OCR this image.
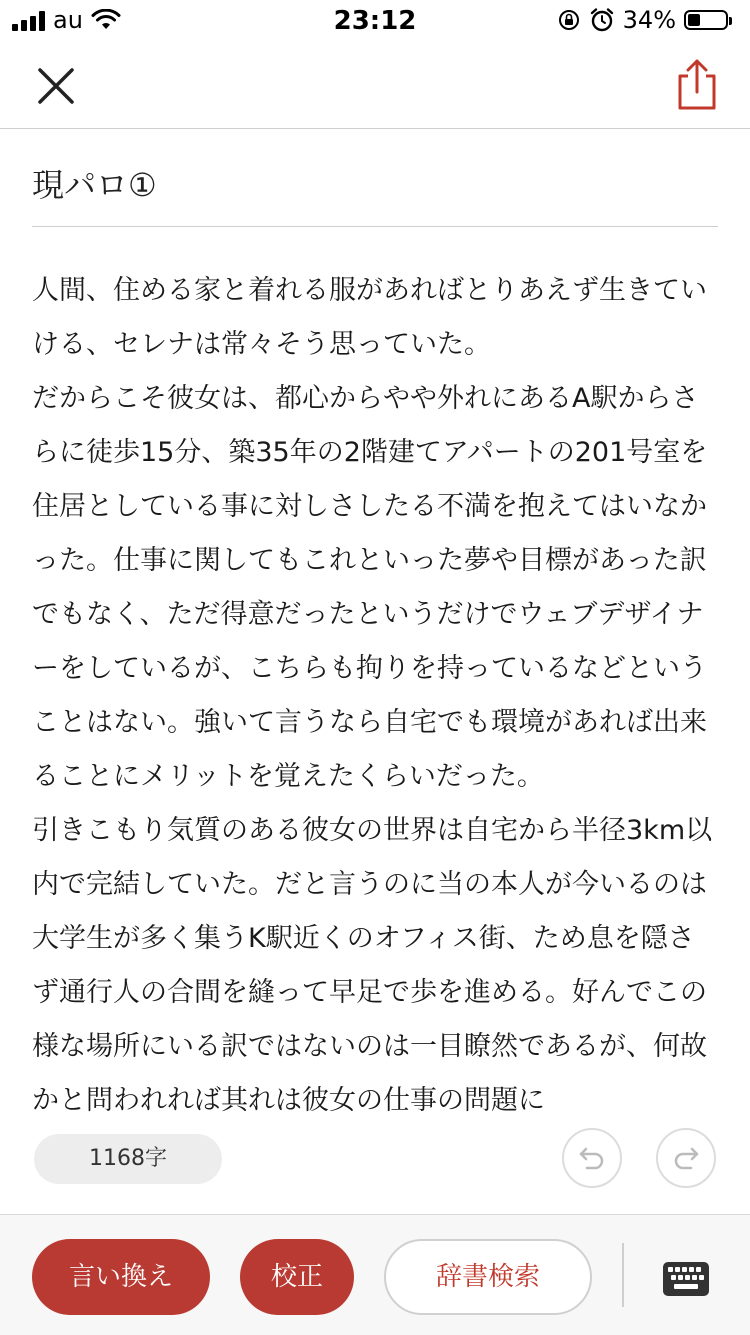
au	23:12	34%
現パロ①

人間、住める家と着れる服があればとりあえず生きていける、セレナは常々そう思っていた。

だからこそ彼女は、都心からやや外れにあるA駅からさらに徒歩15分、築35年の2階建てアパートの201号室を住居としている事に対しさしたる不満を抱えてはいなかった。仕事に関してもこれといった夢や目標があった訳でもなく、ただ得意だったというだけでウェブデザイナーをしているが、こちらも拘りを持っているなどということはない。強いて言うなら自宅でも環境があれば出来ることにメリットを覚えたくらいだった。

引きこもり気質のある彼女の世界は自宅から半径3km以内で完結していた。だと言うのに当の本人が今いるのは大学生が多く集うK駅近くのオフィス街、ため息を隠さず通行人の合間を縫って早足で歩を進める。好んでこの様な場所にいる訳ではないのは一目瞭然であるが、何故かと問われれば其れは彼女の仕事の問題に

1168字
言い換え	校正	辞書検索
